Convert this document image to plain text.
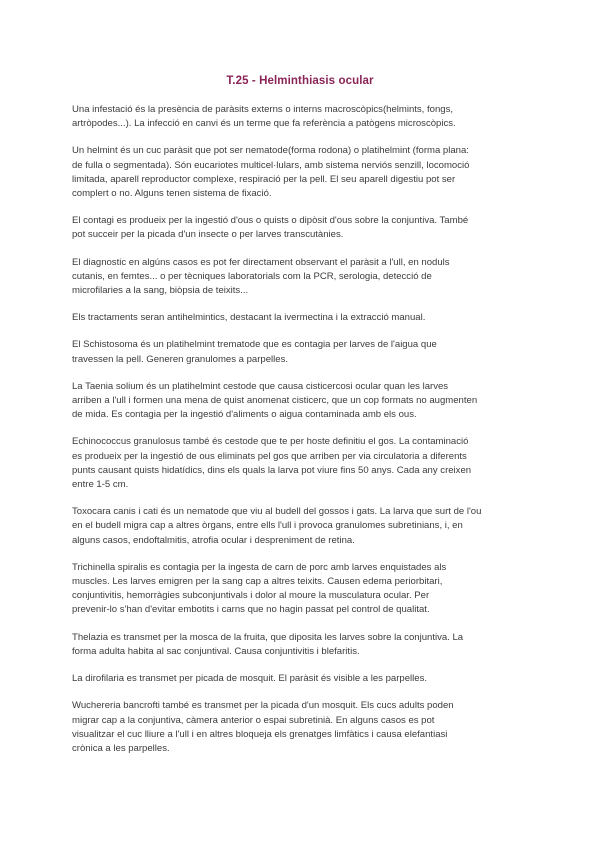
T.25 - Helminthiasis ocular

Una infestació és la presència de paràsits externs o interns macroscòpics(helmints, fongs,
artròpodes...). La infecció en canvi és un terme que fa referència a patògens microscòpics.

Un helmint és un cuc paràsit que pot ser nematode(forma rodona) o platihelmint (forma plana:
de fulla o segmentada). Són eucariotes multicel·lulars, amb sistema nerviós senzill, locomoció
limitada, aparell reproductor complexe, respiració per la pell. El seu aparell digestiu pot ser
complert o no. Alguns tenen sistema de fixació.

El contagi es produeix per la ingestió d'ous o quists o dipòsit d'ous sobre la conjuntiva. També
pot succeir per la picada d'un insecte o per larves transcutànies.

El diagnostic en algúns casos es pot fer directament observant el paràsit a l'ull, en noduls
cutanis, en femtes... o per tècniques laboratorials com la PCR, serologia, detecció de
microfilaries a la sang, biòpsia de teixits...

Els tractaments seran antihelmintics, destacant la ivermectina i la extracció manual.

El Schistosoma és un platihelmint trematode que es contagia per larves de l'aigua que
travessen la pell. Generen granulomes a parpelles.

La Taenia solium és un platihelmint cestode que causa cisticercosi ocular quan les larves
arriben a l'ull i formen una mena de quist anomenat cisticerc, que un cop formats no augmenten
de mida. Es contagia per la ingestió d'aliments o aigua contaminada amb els ous.

Echinococcus granulosus també és cestode que te per hoste definitiu el gos. La contaminació
es produeix per la ingestió de ous eliminats pel gos que arriben per via circulatoria a diferents
punts causant quists hidatídics, dins els quals la larva pot viure fins 50 anys. Cada any creixen
entre 1-5 cm.

Toxocara canis i cati és un nematode que viu al budell del gossos i gats. La larva que surt de l'ou
en el budell migra cap a altres òrgans, entre ells l'ull i provoca granulomes subretinians, i, en
alguns casos, endoftalmitis, atrofia ocular i despreniment de retina.

Trichinella spiralis es contagia per la ingesta de carn de porc amb larves enquistades als
muscles. Les larves emigren per la sang cap a altres teixits. Causen edema periorbitari,
conjuntivitis, hemorràgies subconjuntivals i dolor al moure la musculatura ocular. Per
prevenir-lo s'han d'evitar embotits i carns que no hagin passat pel control de qualitat.

Thelazia es transmet per la mosca de la fruita, que diposita les larves sobre la conjuntiva. La
forma adulta habita al sac conjuntival. Causa conjuntivitis i blefaritis.

La dirofilaria es transmet per picada de mosquit. El paràsit és visible a les parpelles.

Wuchereria bancrofti també es transmet per la picada d'un mosquit. Els cucs adults poden
migrar cap a la conjuntiva, càmera anterior o espai subretinià. En alguns casos es pot
visualitzar el cuc lliure a l'ull i en altres bloqueja els grenatges limfàtics i causa elefantiasi
crònica a les parpelles.
